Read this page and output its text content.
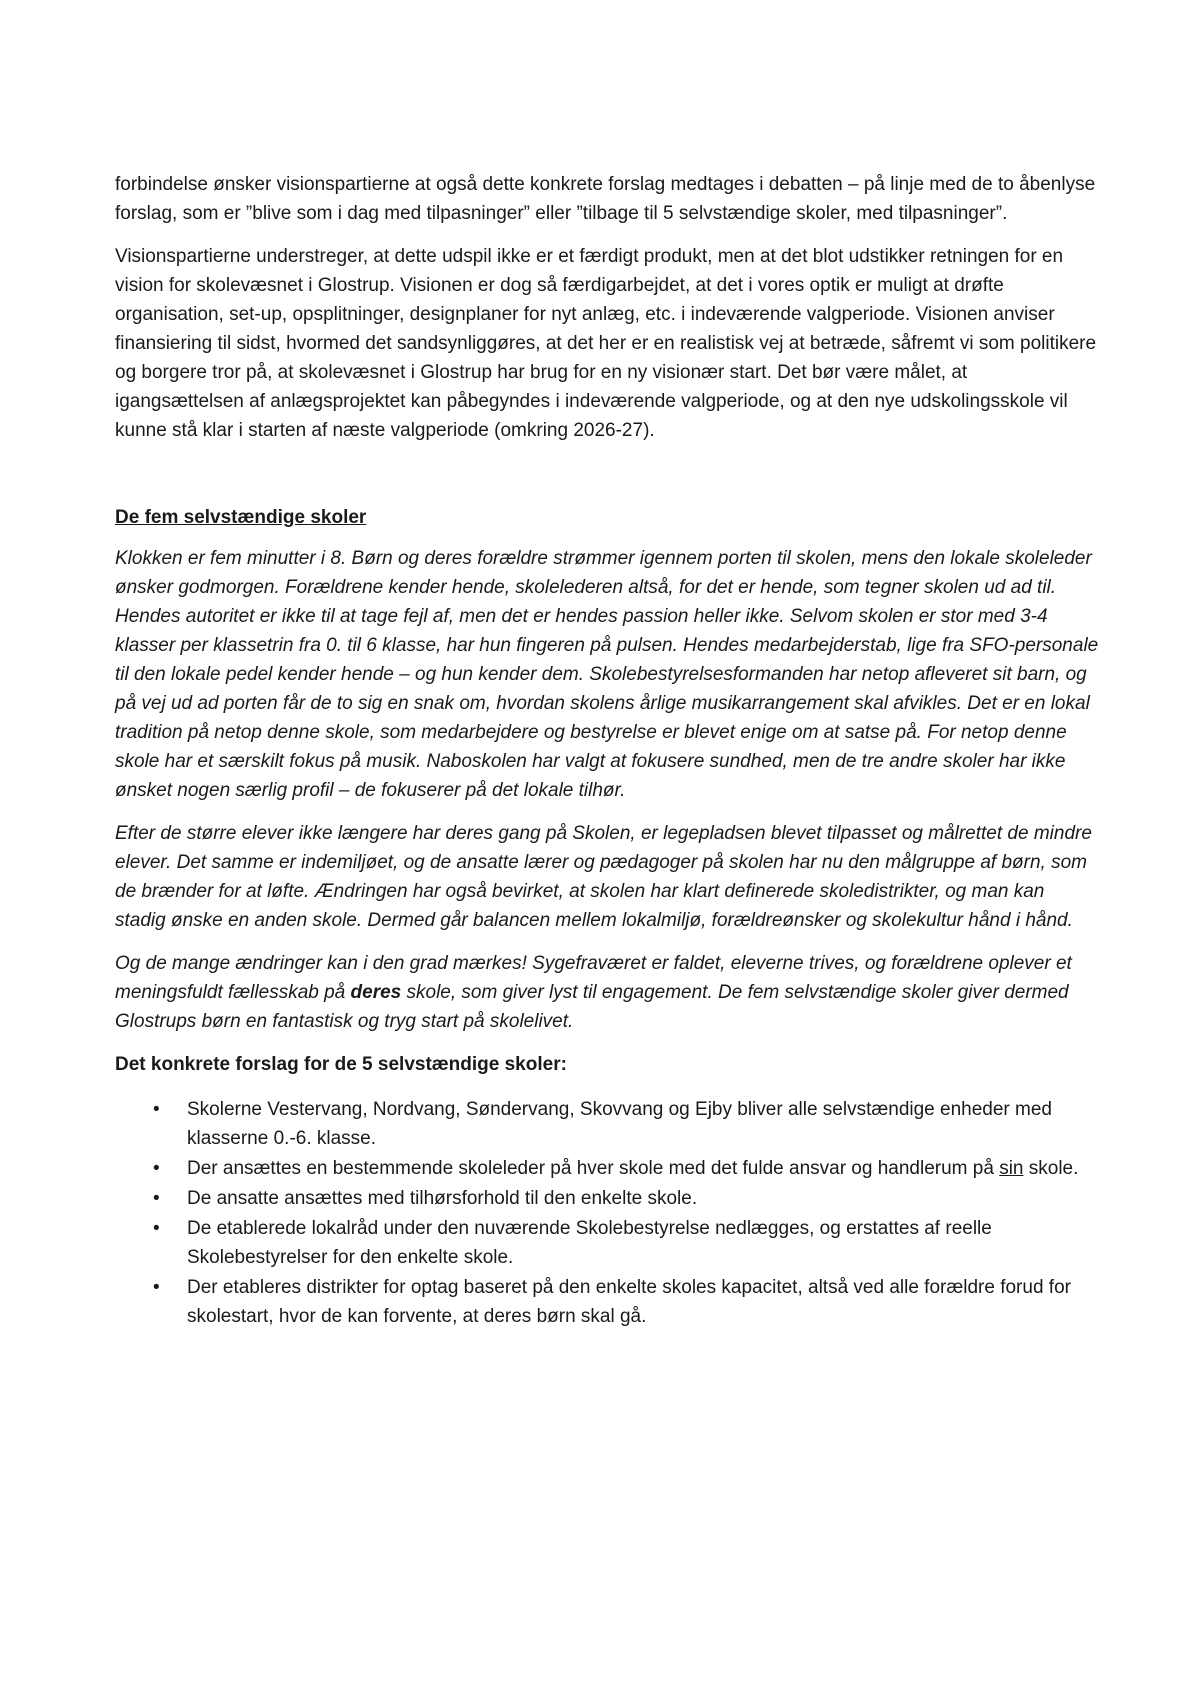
forbindelse ønsker visionspartierne at også dette konkrete forslag medtages i debatten – på linje med de to åbenlyse forslag, som er ”blive som i dag med tilpasninger” eller ”tilbage til 5 selvstændige skoler, med tilpasninger”.

Visionspartierne understreger, at dette udspil ikke er et færdigt produkt, men at det blot udstikker retningen for en vision for skolevæsnet i Glostrup. Visionen er dog så færdigarbejdet, at det i vores optik er muligt at drøfte organisation, set-up, opsplitninger, designplaner for nyt anlæg, etc. i indeværende valgperiode. Visionen anviser finansiering til sidst, hvormed det sandsynliggøres, at det her er en realistisk vej at betræde, såfremt vi som politikere og borgere tror på, at skolevæsnet i Glostrup har brug for en ny visionær start. Det bør være målet, at igangsættelsen af anlægsprojektet kan påbegyndes i indeværende valgperiode, og at den nye udskolingsskole vil kunne stå klar i starten af næste valgperiode (omkring 2026-27).

De fem selvstændige skoler

Klokken er fem minutter i 8. Børn og deres forældre strømmer igennem porten til skolen, mens den lokale skoleleder ønsker godmorgen. Forældrene kender hende, skolelederen altså, for det er hende, som tegner skolen ud ad til. Hendes autoritet er ikke til at tage fejl af, men det er hendes passion heller ikke. Selvom skolen er stor med 3-4 klasser per klassetrin fra 0. til 6 klasse, har hun fingeren på pulsen. Hendes medarbejderstab, lige fra SFO-personale til den lokale pedel kender hende – og hun kender dem. Skolebestyrelsesformanden har netop afleveret sit barn, og på vej ud ad porten får de to sig en snak om, hvordan skolens årlige musikarrangement skal afvikles. Det er en lokal tradition på netop denne skole, som medarbejdere og bestyrelse er blevet enige om at satse på. For netop denne skole har et særskilt fokus på musik. Naboskolen har valgt at fokusere sundhed, men de tre andre skoler har ikke ønsket nogen særlig profil – de fokuserer på det lokale tilhør.

Efter de større elever ikke længere har deres gang på Skolen, er legepladsen blevet tilpasset og målrettet de mindre elever. Det samme er indemiljøet, og de ansatte lærer og pædagoger på skolen har nu den målgruppe af børn, som de brænder for at løfte. Ændringen har også bevirket, at skolen har klart definerede skoledistrikter, og man kan stadig ønske en anden skole. Dermed går balancen mellem lokalmiljø, forældreønsker og skolekultur hånd i hånd.

Og de mange ændringer kan i den grad mærkes! Sygefraværet er faldet, eleverne trives, og forældrene oplever et meningsfuldt fællesskab på deres skole, som giver lyst til engagement. De fem selvstændige skoler giver dermed Glostrups børn en fantastisk og tryg start på skolelivet.

Det konkrete forslag for de 5 selvstændige skoler:
• Skolerne Vestervang, Nordvang, Søndervang, Skovvang og Ejby bliver alle selvstændige enheder med klasserne 0.-6. klasse.
• Der ansættes en bestemmende skoleleder på hver skole med det fulde ansvar og handlerum på sin skole.
• De ansatte ansættes med tilhørsforhold til den enkelte skole.
• De etablerede lokalråd under den nuværende Skolebestyrelse nedlægges, og erstattes af reelle Skolebestyrelser for den enkelte skole.
• Der etableres distrikter for optag baseret på den enkelte skoles kapacitet, altså ved alle forældre forud for skolestart, hvor de kan forvente, at deres børn skal gå.
